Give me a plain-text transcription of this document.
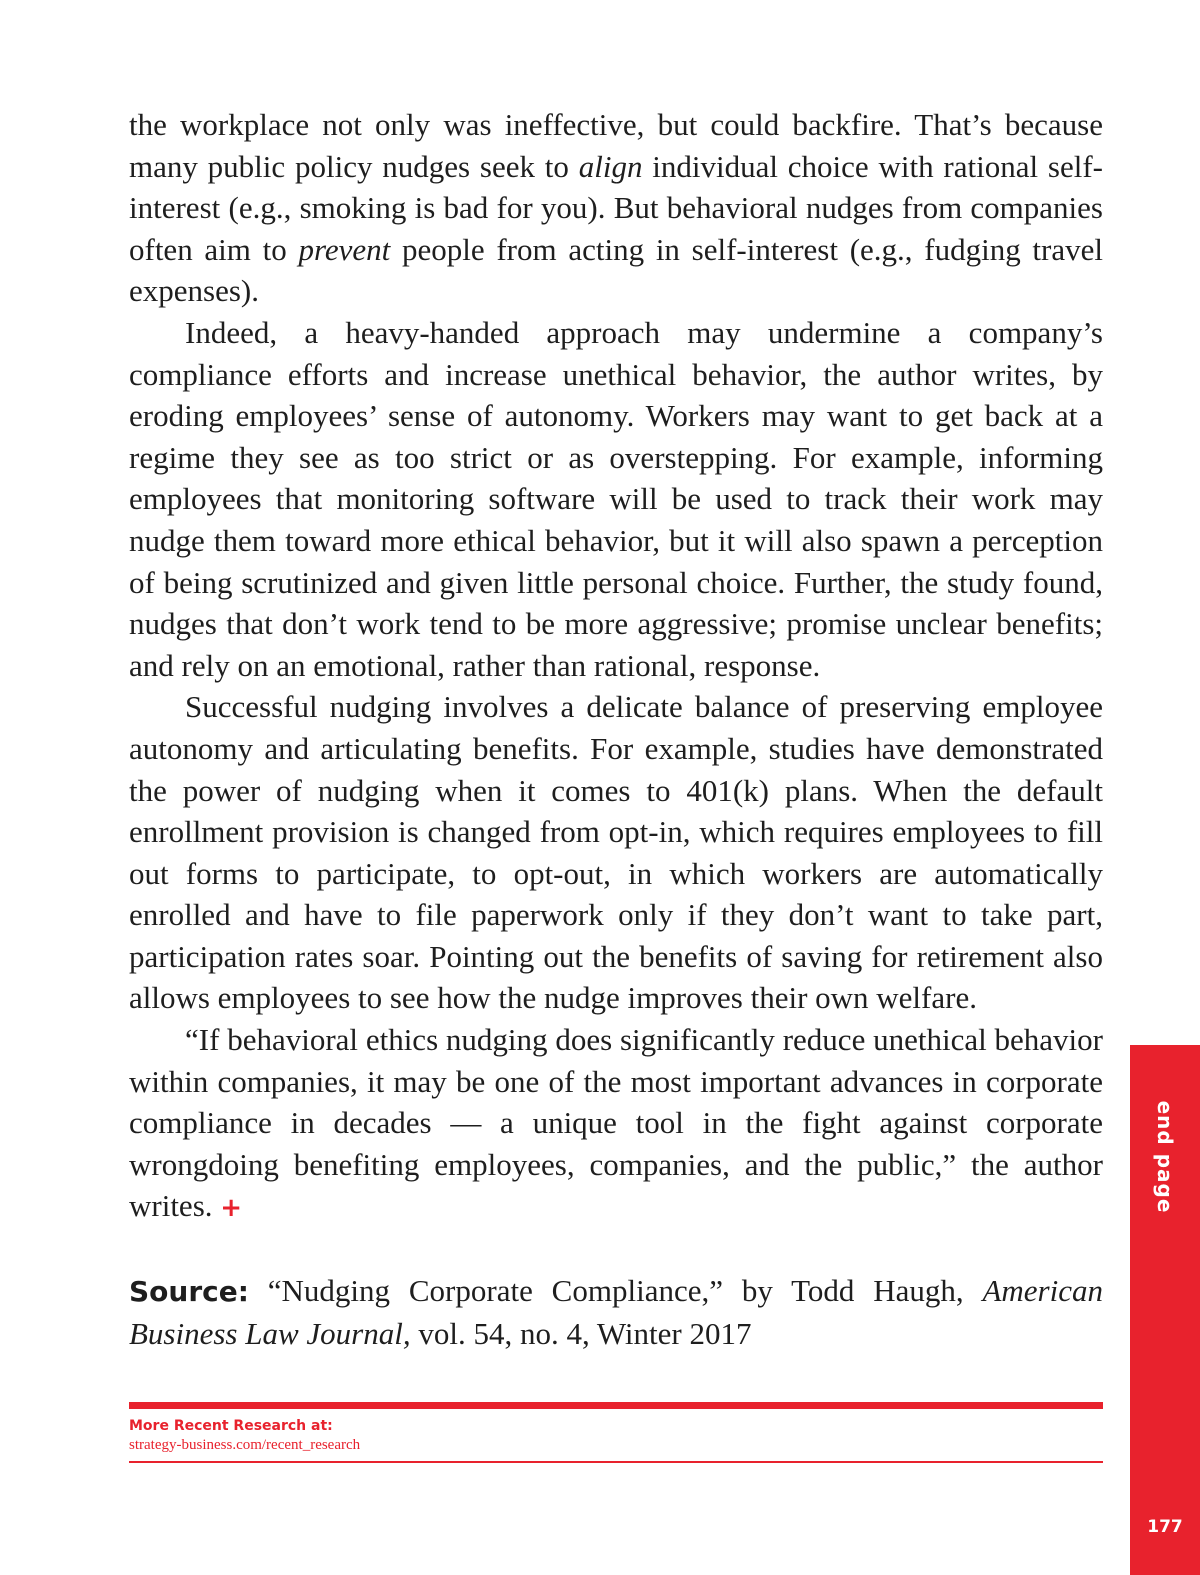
the workplace not only was ineffective, but could backfire. That’s because many public policy nudges seek to align individual choice with rational self-interest (e.g., smoking is bad for you). But behavioral nudges from companies often aim to prevent people from acting in self-interest (e.g., fudging travel expenses).

Indeed, a heavy-handed approach may undermine a company’s compliance efforts and increase unethical behavior, the author writes, by eroding employees’ sense of autonomy. Workers may want to get back at a regime they see as too strict or as overstepping. For example, informing employees that monitoring software will be used to track their work may nudge them toward more ethical behavior, but it will also spawn a perception of being scrutinized and given little personal choice. Further, the study found, nudges that don’t work tend to be more aggressive; promise unclear benefits; and rely on an emotional, rather than rational, response.

Successful nudging involves a delicate balance of preserving employee autonomy and articulating benefits. For example, studies have demonstrated the power of nudging when it comes to 401(k) plans. When the default enrollment provision is changed from opt-in, which requires employees to fill out forms to participate, to opt-out, in which workers are automatically enrolled and have to file paperwork only if they don’t want to take part, participation rates soar. Pointing out the benefits of saving for retirement also allows employees to see how the nudge improves their own welfare.

“If behavioral ethics nudging does significantly reduce unethical behavior within companies, it may be one of the most important advances in corporate compliance in decades — a unique tool in the fight against corporate wrongdoing benefiting employees, companies, and the public,” the author writes. +

Source: “Nudging Corporate Compliance,” by Todd Haugh, American Business Law Journal, vol. 54, no. 4, Winter 2017

More Recent Research at:
strategy-business.com/recent_research
end page
177
